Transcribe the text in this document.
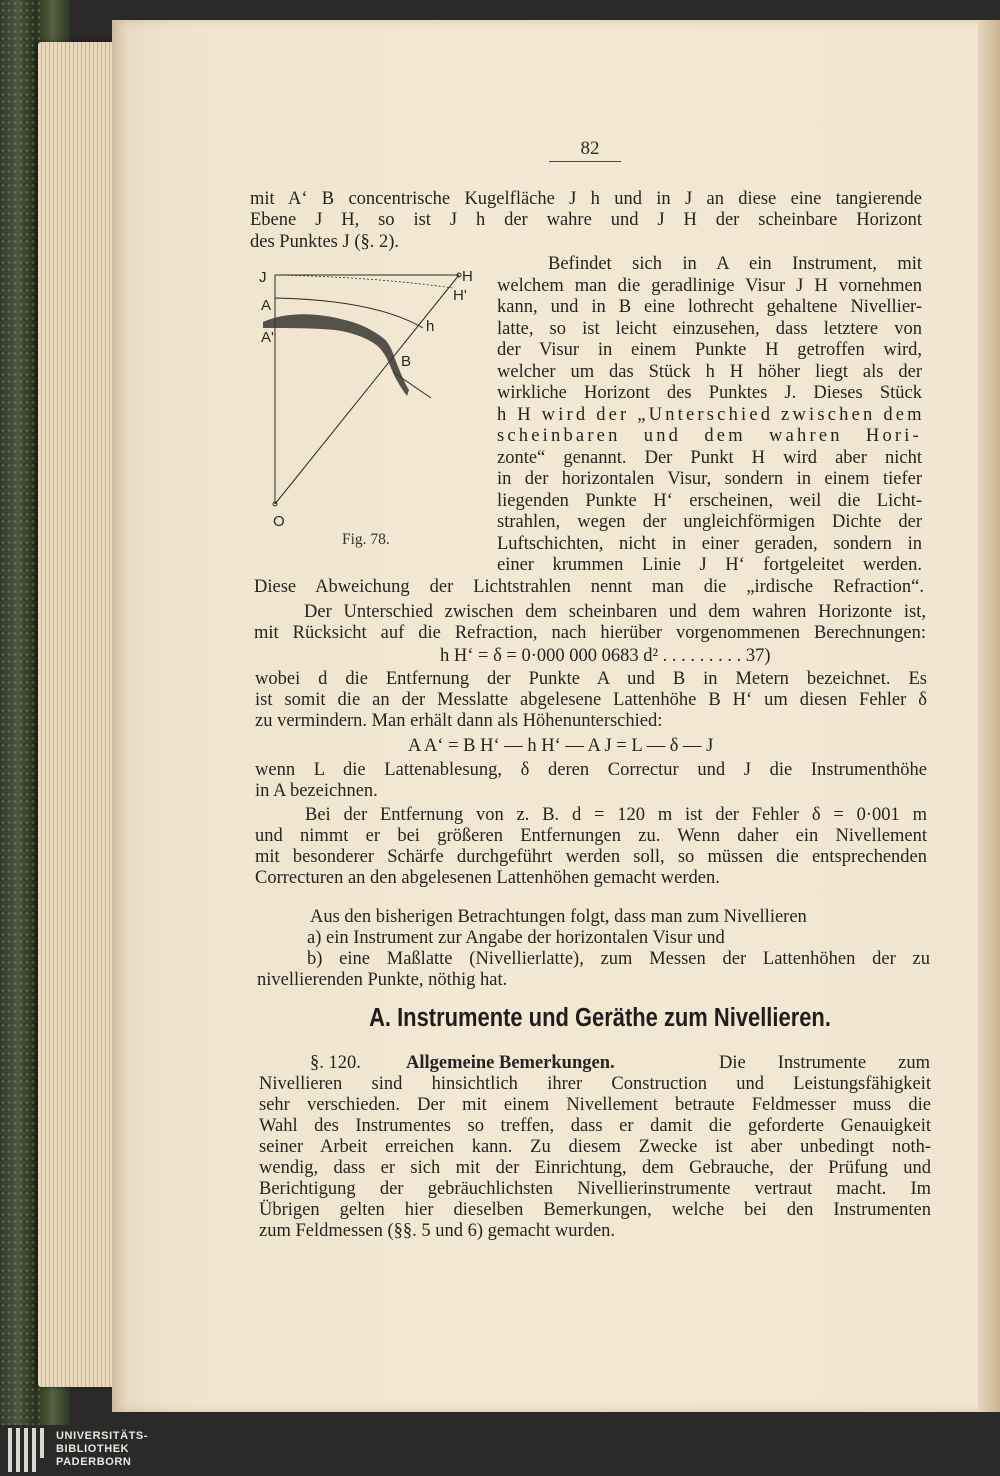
82
mit A‘ B concentrische Kugelfläche J h und in J an diese eine tangierende
Ebene J H, so ist J h der wahre und J H der scheinbare Horizont
des Punktes J (§. 2).
J	H
H'
A
A'
h
B
O
Fig. 78.
Befindet sich in A ein Instrument, mit
welchem man die geradlinige Visur J H vornehmen
kann, und in B eine lothrecht gehaltene Nivellier-
latte, so ist leicht einzusehen, dass letztere von
der Visur in einem Punkte H getroffen wird,
welcher um das Stück h H höher liegt als der
wirkliche Horizont des Punktes J. Dieses Stück
h H wird der „Unterschied zwischen dem
scheinbaren und dem wahren Hori-
zonte“ genannt. Der Punkt H wird aber nicht
in der horizontalen Visur, sondern in einem tiefer
liegenden Punkte H‘ erscheinen, weil die Licht-
strahlen, wegen der ungleichförmigen Dichte der
Luftschichten, nicht in einer geraden, sondern in
einer krummen Linie J H‘ fortgeleitet werden.
Diese Abweichung der Lichtstrahlen nennt man die „irdische Refraction“.
Der Unterschied zwischen dem scheinbaren und dem wahren Horizonte ist,
mit Rücksicht auf die Refraction, nach hierüber vorgenommenen Berechnungen:
h H‘ = δ = 0·000 000 0683 d² . . . . . . . . . 37)
wobei d die Entfernung der Punkte A und B in Metern bezeichnet. Es
ist somit die an der Messlatte abgelesene Lattenhöhe B H‘ um diesen Fehler δ
zu vermindern. Man erhält dann als Höhenunterschied:
A A‘ = B H‘ — h H‘ — A J = L — δ — J
wenn L die Lattenablesung, δ deren Correctur und J die Instrumenthöhe
in A bezeichnen.
Bei der Entfernung von z. B. d = 120 m ist der Fehler δ = 0·001 m
und nimmt er bei größeren Entfernungen zu. Wenn daher ein Nivellement
mit besonderer Schärfe durchgeführt werden soll, so müssen die entsprechenden
Correcturen an den abgelesenen Lattenhöhen gemacht werden.
Aus den bisherigen Betrachtungen folgt, dass man zum Nivellieren
a) ein Instrument zur Angabe der horizontalen Visur und
b) eine Maßlatte (Nivellierlatte), zum Messen der Lattenhöhen der zu
nivellierenden Punkte, nöthig hat.
A. Instrumente und Geräthe zum Nivellieren.
§. 120. Allgemeine Bemerkungen.	Die Instrumente zum
Nivellieren sind hinsichtlich ihrer Construction und Leistungsfähigkeit
sehr verschieden. Der mit einem Nivellement betraute Feldmesser muss die
Wahl des Instrumentes so treffen, dass er damit die geforderte Genauigkeit
seiner Arbeit erreichen kann. Zu diesem Zwecke ist aber unbedingt noth-
wendig, dass er sich mit der Einrichtung, dem Gebrauche, der Prüfung und
Berichtigung der gebräuchlichsten Nivellierinstrumente vertraut macht. Im
Übrigen gelten hier dieselben Bemerkungen, welche bei den Instrumenten
zum Feldmessen (§§. 5 und 6) gemacht wurden.
UNIVERSITÄTS-
BIBLIOTHEK
PADERBORN
